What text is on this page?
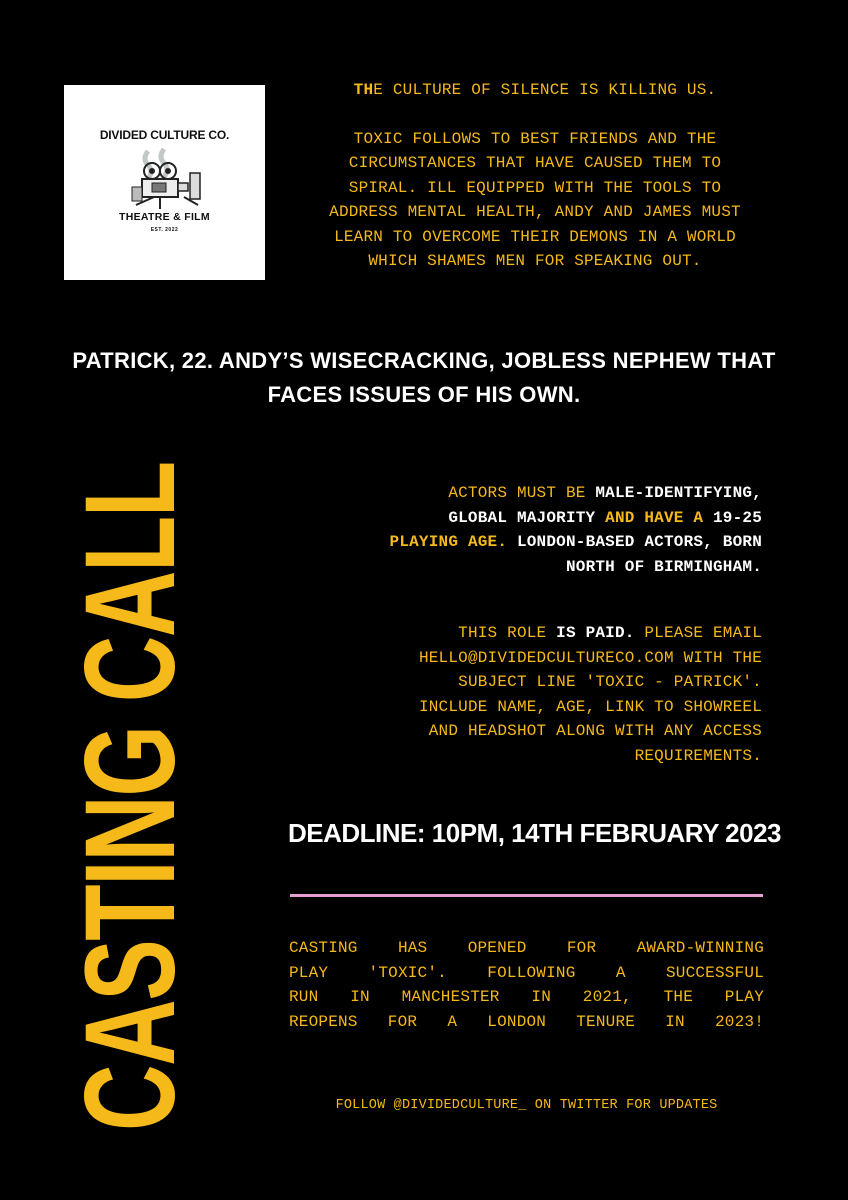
DIVIDED CULTURE CO.
THEATRE & FILM
EST. 2022

THE CULTURE OF SILENCE IS KILLING US.

TOXIC FOLLOWS TO BEST FRIENDS AND THE

CIRCUMSTANCES THAT HAVE CAUSED THEM TO

SPIRAL. ILL EQUIPPED WITH THE TOOLS TO

ADDRESS MENTAL HEALTH, ANDY AND JAMES MUST

LEARN TO OVERCOME THEIR DEMONS IN A WORLD

WHICH SHAMES MEN FOR SPEAKING OUT.

PATRICK, 22. ANDY’S WISECRACKING, JOBLESS NEPHEW THAT
FACES ISSUES OF HIS OWN.
CASTING CALL	ACTORS MUST BE MALE-IDENTIFYING,
GLOBAL MAJORITY AND HAVE A 19-25
PLAYING AGE. LONDON-BASED ACTORS, BORN
NORTH OF BIRMINGHAM.
THIS ROLE IS PAID. PLEASE EMAIL
HELLO@DIVIDEDCULTURECO.COM WITH THE
SUBJECT LINE 'TOXIC - PATRICK'.
INCLUDE NAME, AGE, LINK TO SHOWREEL
AND HEADSHOT ALONG WITH ANY ACCESS
REQUIREMENTS.
DEADLINE: 10PM, 14TH FEBRUARY 2023
CASTING HAS OPENED FOR AWARD-WINNING
PLAY 'TOXIC'. FOLLOWING A SUCCESSFUL
RUN IN MANCHESTER IN 2021, THE PLAY
REOPENS FOR A LONDON TENURE IN 2023!
FOLLOW @DIVIDEDCULTURE_ ON TWITTER FOR UPDATES
